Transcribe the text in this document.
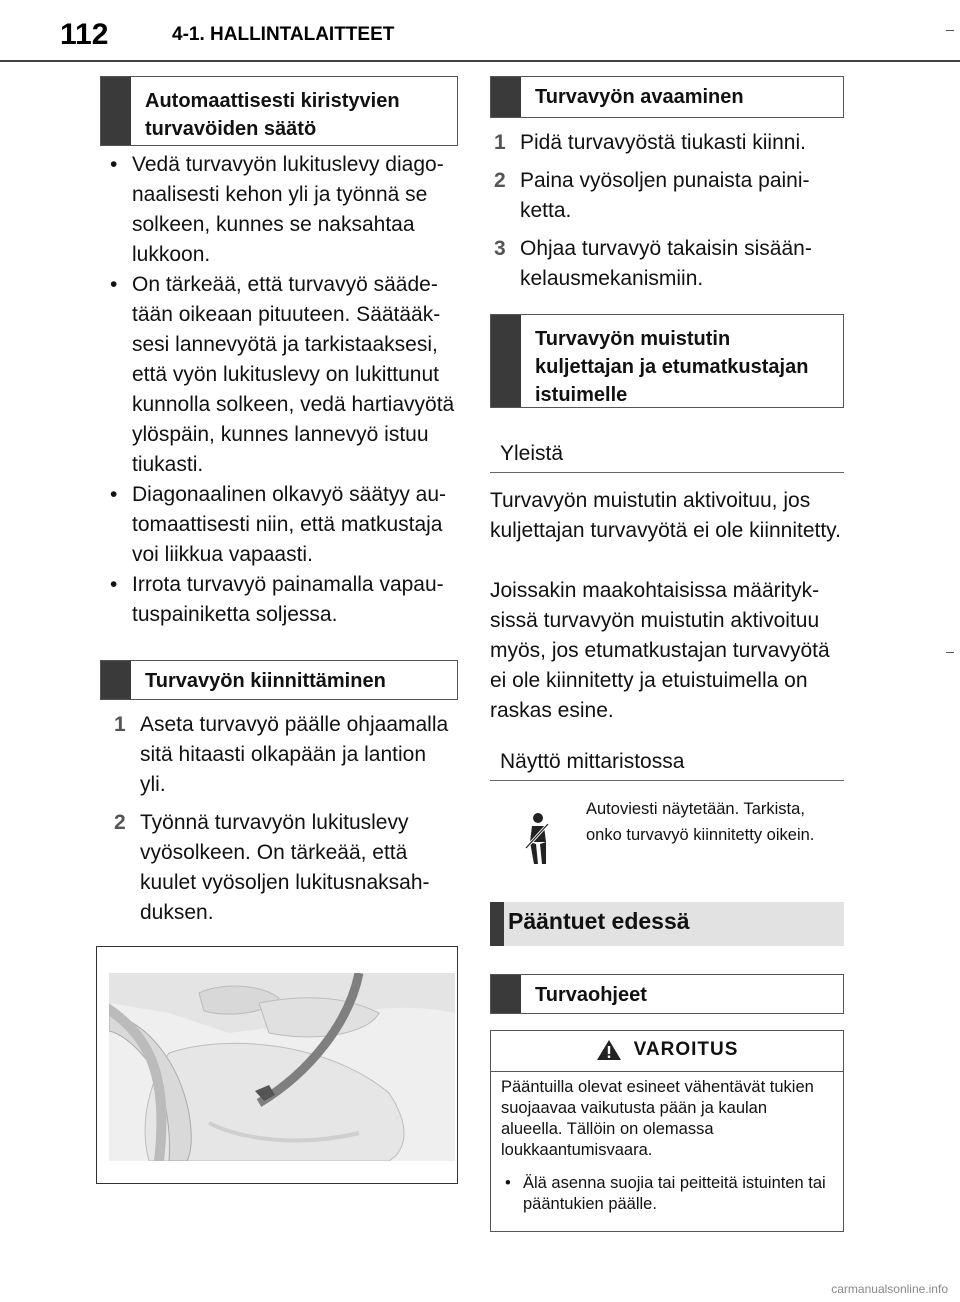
112	4-1. HALLINTALAITTEET
Automaattisesti kiristyvien turvavöiden säätö
• Vedä turvavyön lukituslevy diagonaalisesti kehon yli ja työnnä se solkeen, kunnes se naksahtaa lukkoon.
• On tärkeää, että turvavyö säädetään oikeaan pituuteen. Säätääksesi lannevyötä ja tarkistaaksesi, että vyön lukituslevy on lukittunut kunnolla solkeen, vedä hartiavyötä ylöspäin, kunnes lannevyö istuu tiukasti.
• Diagonaalinen olkavyö säätyy automaattisesti niin, että matkustaja voi liikkua vapaasti.
• Irrota turvavyö painamalla vapautuspainiketta soljessa.
Turvavyön kiinnittäminen
1 Aseta turvavyö päälle ohjaamalla sitä hitaasti olkapään ja lantion yli.
2 Työnnä turvavyön lukituslevy vyösolkeen. On tärkeää, että kuulet vyösoljen lukitusnaksahduksen.
Turvavyön avaaminen
1 Pidä turvavyöstä tiukasti kiinni.
2 Paina vyösoljen punaista painiketta.
3 Ohjaa turvavyö takaisin sisäänkelausmekanismiin.
Turvavyön muistutin kuljettajan ja etumatkustajan istuimelle
Yleistä
Turvavyön muistutin aktivoituu, jos kuljettajan turvavyötä ei ole kiinnitetty.
Joissakin maakohtaisissa määrityksissä turvavyön muistutin aktivoituu myös, jos etumatkustajan turvavyötä ei ole kiinnitetty ja etuistuimella on raskas esine.
Näyttö mittaristossa
Autoviesti näytetään. Tarkista, onko turvavyö kiinnitetty oikein.
Pääntuet edessä
Turvaohjeet
VAROITUS
Pääntuilla olevat esineet vähentävät tukien suojaavaa vaikutusta pään ja kaulan alueella. Tällöin on olemassa loukkaantumisvaara.
• Älä asenna suojia tai peitteitä istuinten tai pääntukien päälle.
carmanualsonline.info
